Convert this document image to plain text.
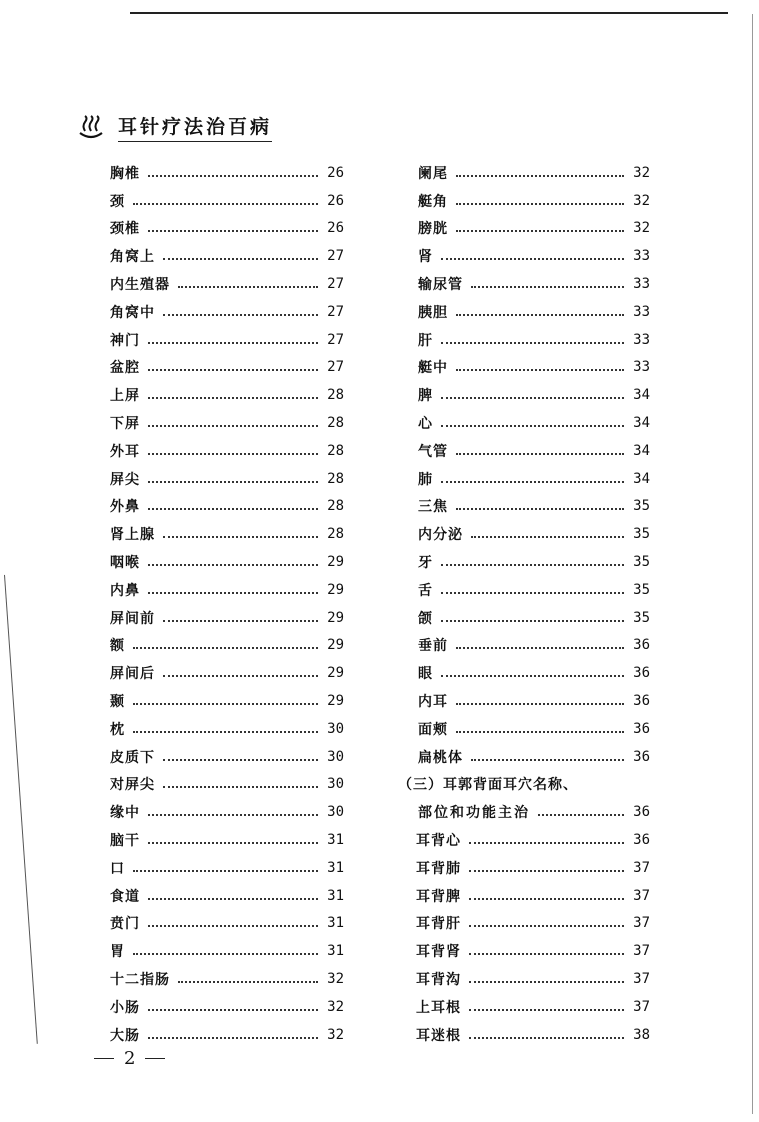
耳针疗法治百病
胸椎	26
颈	26
颈椎	26
角窝上	27
内生殖器	27
角窝中	27
神门	27
盆腔	27
上屏	28
下屏	28
外耳	28
屏尖	28
外鼻	28
肾上腺	28
咽喉	29
内鼻	29
屏间前	29
额	29
屏间后	29
颞	29
枕	30
皮质下	30
对屏尖	30
缘中	30
脑干	31
口	31
食道	31
贲门	31
胃	31
十二指肠	32
小肠	32
大肠	32
阑尾	32
艇角	32
膀胱	32
肾	33
输尿管	33
胰胆	33
肝	33
艇中	33
脾	34
心	34
气管	34
肺	34
三焦	35
内分泌	35
牙	35
舌	35
颌	35
垂前	36
眼	36
内耳	36
面颊	36
扁桃体	36
（三）耳郭背面耳穴名称、
部位和功能主治	36
耳背心	36
耳背肺	37
耳背脾	37
耳背肝	37
耳背肾	37
耳背沟	37
上耳根	37
耳迷根	38
2
